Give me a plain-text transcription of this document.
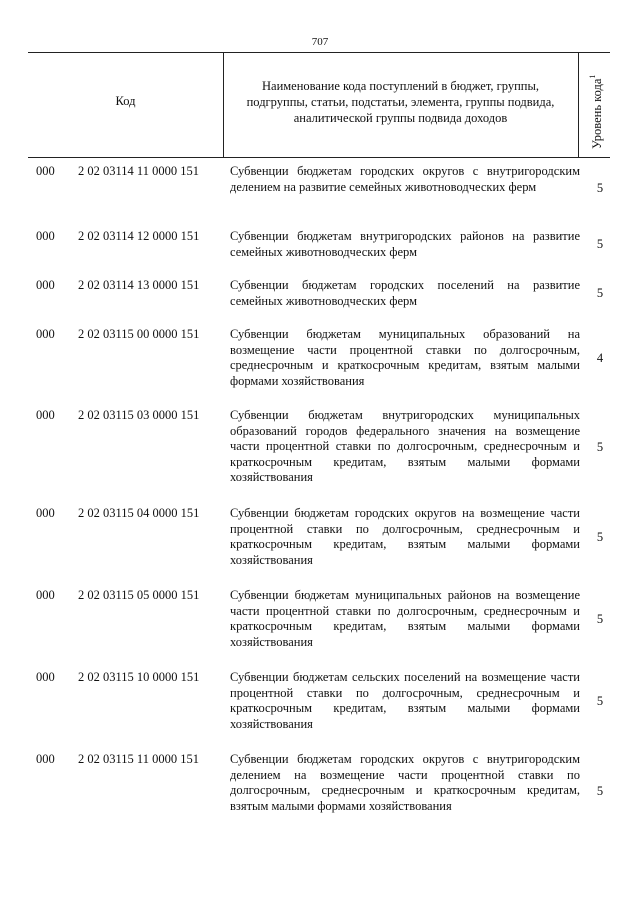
707
Код
Наименование кода поступлений в бюджет, группы, подгруппы, статьи, подстатьи, элемента, группы подвида, аналитической группы подвида доходов	Уровень кода$^1$
000 2 02 03114 11 0000 151 Субвенции бюджетам городских округов с внутригородским делением на развитие семейных животноводческих ферм	5
000 2 02 03114 12 0000 151 Субвенции бюджетам внутригородских районов на развитие семейных животноводческих ферм
5
000 2 02 03114 13 0000 151 Субвенции бюджетам городских поселений на развитие семейных животноводческих ферм
5
000 2 02 03115 00 0000 151 Субвенции бюджетам муниципальных образований на возмещение части процентной ставки по долгосрочным, среднесрочным и краткосрочным кредитам, взятым малыми формами хозяйствования
4
000 2 02 03115 03 0000 151 Субвенции бюджетам внутригородских муниципальных образований городов федерального значения на возмещение части процентной ставки по долгосрочным, среднесрочным и краткосрочным кредитам, взятым малыми формами хозяйствования
5
000 2 02 03115 04 0000 151 Субвенции бюджетам городских округов на возмещение части процентной ставки по долгосрочным, среднесрочным и краткосрочным кредитам, взятым малыми формами хозяйствования
5
000 2 02 03115 05 0000 151 Субвенции бюджетам муниципальных районов на возмещение части процентной ставки по долгосрочным, среднесрочным и краткосрочным кредитам, взятым малыми формами хозяйствования
5
000 2 02 03115 10 0000 151 Субвенции бюджетам сельских поселений на возмещение части процентной ставки по долгосрочным, среднесрочным и краткосрочным кредитам, взятым малыми формами хозяйствования
5
000 2 02 03115 11 0000 151 Субвенции бюджетам городских округов с внутригородским делением на возмещение части процентной ставки по долгосрочным, среднесрочным и краткосрочным кредитам, взятым малыми формами хозяйствования
5
